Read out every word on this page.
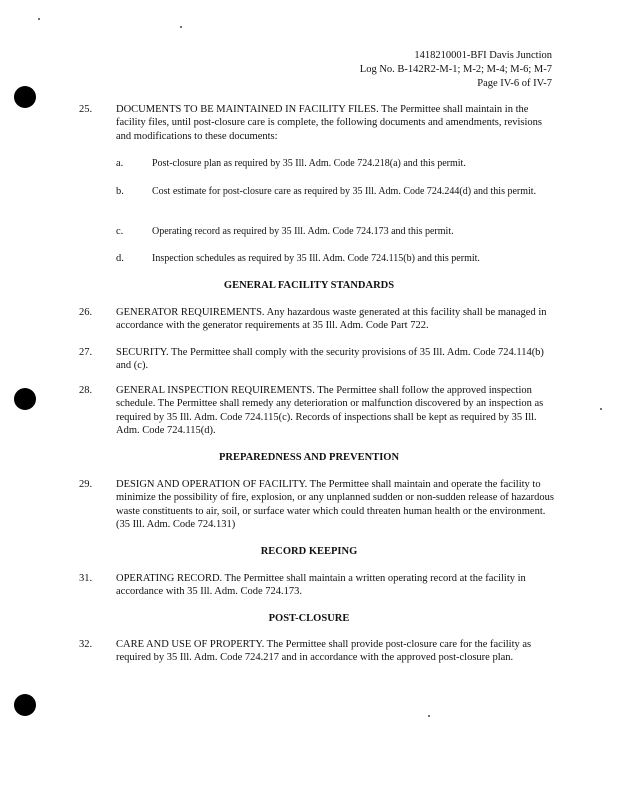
1418210001-BFI Davis Junction
Log No. B-142R2-M-1; M-2; M-4; M-6; M-7
Page IV-6 of IV-7
25. DOCUMENTS TO BE MAINTAINED IN FACILITY FILES. The Permittee shall maintain in the facility files, until post-closure care is complete, the following documents and amendments, revisions and modifications to these documents:
a.	Post-closure plan as required by 35 Ill. Adm. Code 724.218(a) and this permit.
b.	Cost estimate for post-closure care as required by 35 Ill. Adm. Code 724.244(d) and this permit.
c.	Operating record as required by 35 Ill. Adm. Code 724.173 and this permit.
d.	Inspection schedules as required by 35 Ill. Adm. Code 724.115(b) and this permit.
GENERAL FACILITY STANDARDS
26. GENERATOR REQUIREMENTS. Any hazardous waste generated at this facility shall be managed in accordance with the generator requirements at 35 Ill. Adm. Code Part 722.
27. SECURITY. The Permittee shall comply with the security provisions of 35 Ill. Adm. Code 724.114(b) and (c).
28. GENERAL INSPECTION REQUIREMENTS. The Permittee shall follow the approved inspection schedule. The Permittee shall remedy any deterioration or malfunction discovered by an inspection as required by 35 Ill. Adm. Code 724.115(c). Records of inspections shall be kept as required by 35 Ill. Adm. Code 724.115(d).
PREPAREDNESS AND PREVENTION
29. DESIGN AND OPERATION OF FACILITY. The Permittee shall maintain and operate the facility to minimize the possibility of fire, explosion, or any unplanned sudden or non-sudden release of hazardous waste constituents to air, soil, or surface water which could threaten human health or the environment. (35 Ill. Adm. Code 724.131)
RECORD KEEPING
31. OPERATING RECORD. The Permittee shall maintain a written operating record at the facility in accordance with 35 Ill. Adm. Code 724.173.
POST-CLOSURE
32. CARE AND USE OF PROPERTY. The Permittee shall provide post-closure care for the facility as required by 35 Ill. Adm. Code 724.217 and in accordance with the approved post-closure plan.
